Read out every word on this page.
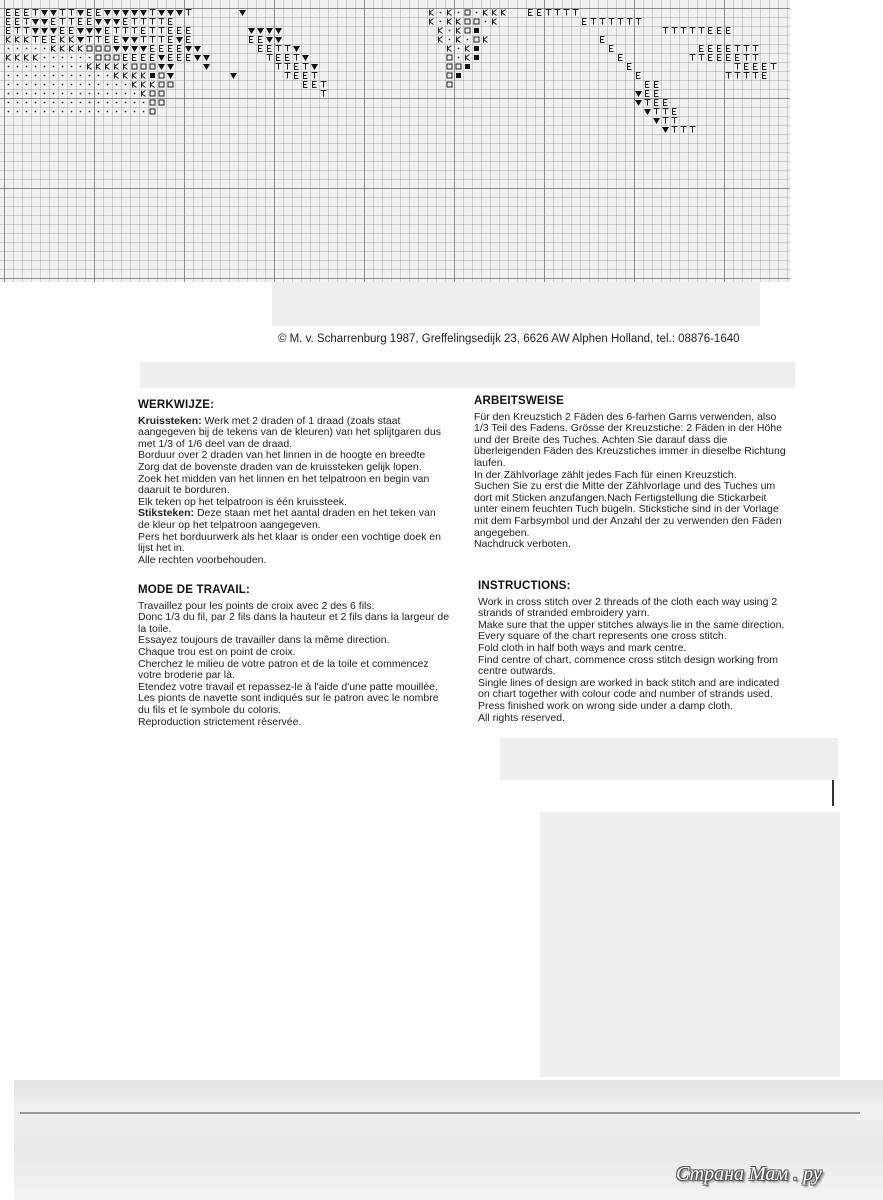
© M. v. Scharrenburg 1987, Greffelingsedijk 23, 6626 AW Alphen Holland, tel.: 08876-1640
WERKWIJZE:

Kruissteken: Werk met 2 draden of 1 draad (zoals staat aangegeven bij de tekens van de kleuren) van het splijtgaren dus met 1/3 of 1/6 deel van de draad.

Borduur over 2 draden van het linnen in de hoogte en breedte

Zorg dat de bovenste draden van de kruissteken gelijk lopen.

Zoek het midden van het linnen en het telpatroon en begin van daaruit te borduren.

Elk teken op het telpatroon is één kruissteek.

Stiksteken: Deze staan met het aantal draden en het teken van de kleur op het telpatroon aangegeven.

Pers het borduurwerk als het klaar is onder een vochtige doek en lijst het in.

Alle rechten voorbehouden.

ARBEITSWEISE

Für den Kreuzstich 2 Fäden des 6-farhen Garns verwenden, also 1/3 Teil des Fadens. Grösse der Kreuzstiche: 2 Fäden in der Höhe und der Breite des Tuches. Achten Sie darauf dass die überleigenden Fäden des Kreuzstiches immer in dieselbe Richtung laufen.

In der Zählvorlage zählt jedes Fach für einen Kreuzstich.

Suchen Sie zu erst die Mitte der Zählvorlage und des Tuches um dort mit Sticken anzufangen.Nach Fertigstellung die Stickarbeit unter einem feuchten Tuch bügeln. Stickstiche sind in der Vorlage mit dem Farbsymbol und der Anzahl der zu verwenden den Fäden angegeben.

Nachdruck verboten.

MODE DE TRAVAIL:

Travaillez pour les points de croix avec 2 des 6 fils.

Donc 1/3 du fil, par 2 fils dans la hauteur et 2 fils dans la largeur de la toile.

Essayez toujours de travailler dans la même direction.

Chaque trou est on point de croix.

Cherchez le milieu de votre patron et de la toile et commencez votre broderie par là.

Etendez votre travail et repassez-le à l'aide d'une patte mouillée.

Les pionts de navette sont indiqués sur le patron avec le nombre du fils et le symbole du coloris.

Reproduction strictement réservée.

INSTRUCTIONS:

Work in cross stitch over 2 threads of the cloth each way using 2 strands of stranded embroidery yarn.

Make sure that the upper stitches always lie in the same direction.

Every square of the chart represents one cross stitch.

Fold cloth in half both ways and mark centre.

Find centre of chart, commence cross stitch design working from centre outwards.

Single lines of design are worked in back stitch and are indicated on chart together with colour code and number of strands used.

Press finished work on wrong side under a damp cloth.

All rights reserved.

Страна Мам . ру
